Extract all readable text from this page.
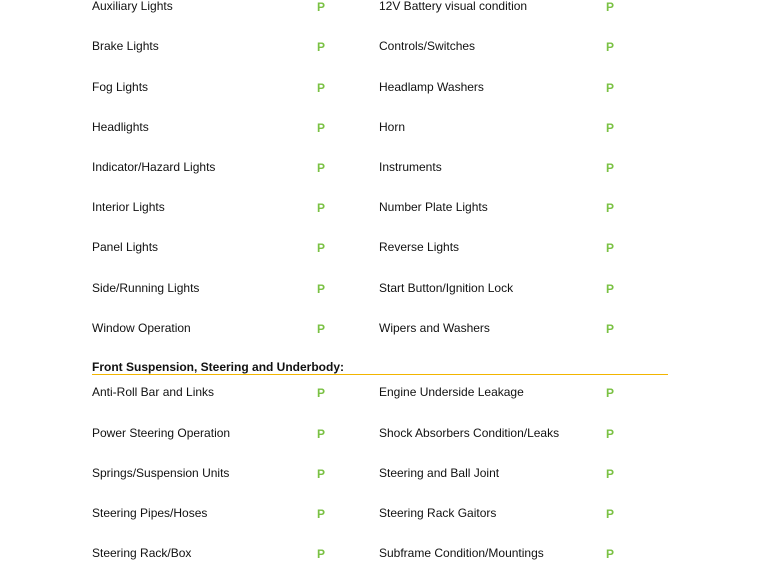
Auxiliary Lights	P	12V Battery visual condition	P
Brake Lights	P	Controls/Switches	P
Fog Lights	P	Headlamp Washers	P
Headlights	P	Horn	P
Indicator/Hazard Lights	P	Instruments	P
Interior Lights	P	Number Plate Lights	P
Panel Lights	P	Reverse Lights	P
Side/Running Lights	P	Start Button/Ignition Lock	P
Window Operation	P	Wipers and Washers	P
Front Suspension, Steering and Underbody:
Anti-Roll Bar and Links	P	Engine Underside Leakage	P
Power Steering Operation	P	Shock Absorbers Condition/Leaks	P
Springs/Suspension Units	P	Steering and Ball Joint	P
Steering Pipes/Hoses	P	Steering Rack Gaitors	P
Steering Rack/Box	P	Subframe Condition/Mountings	P
